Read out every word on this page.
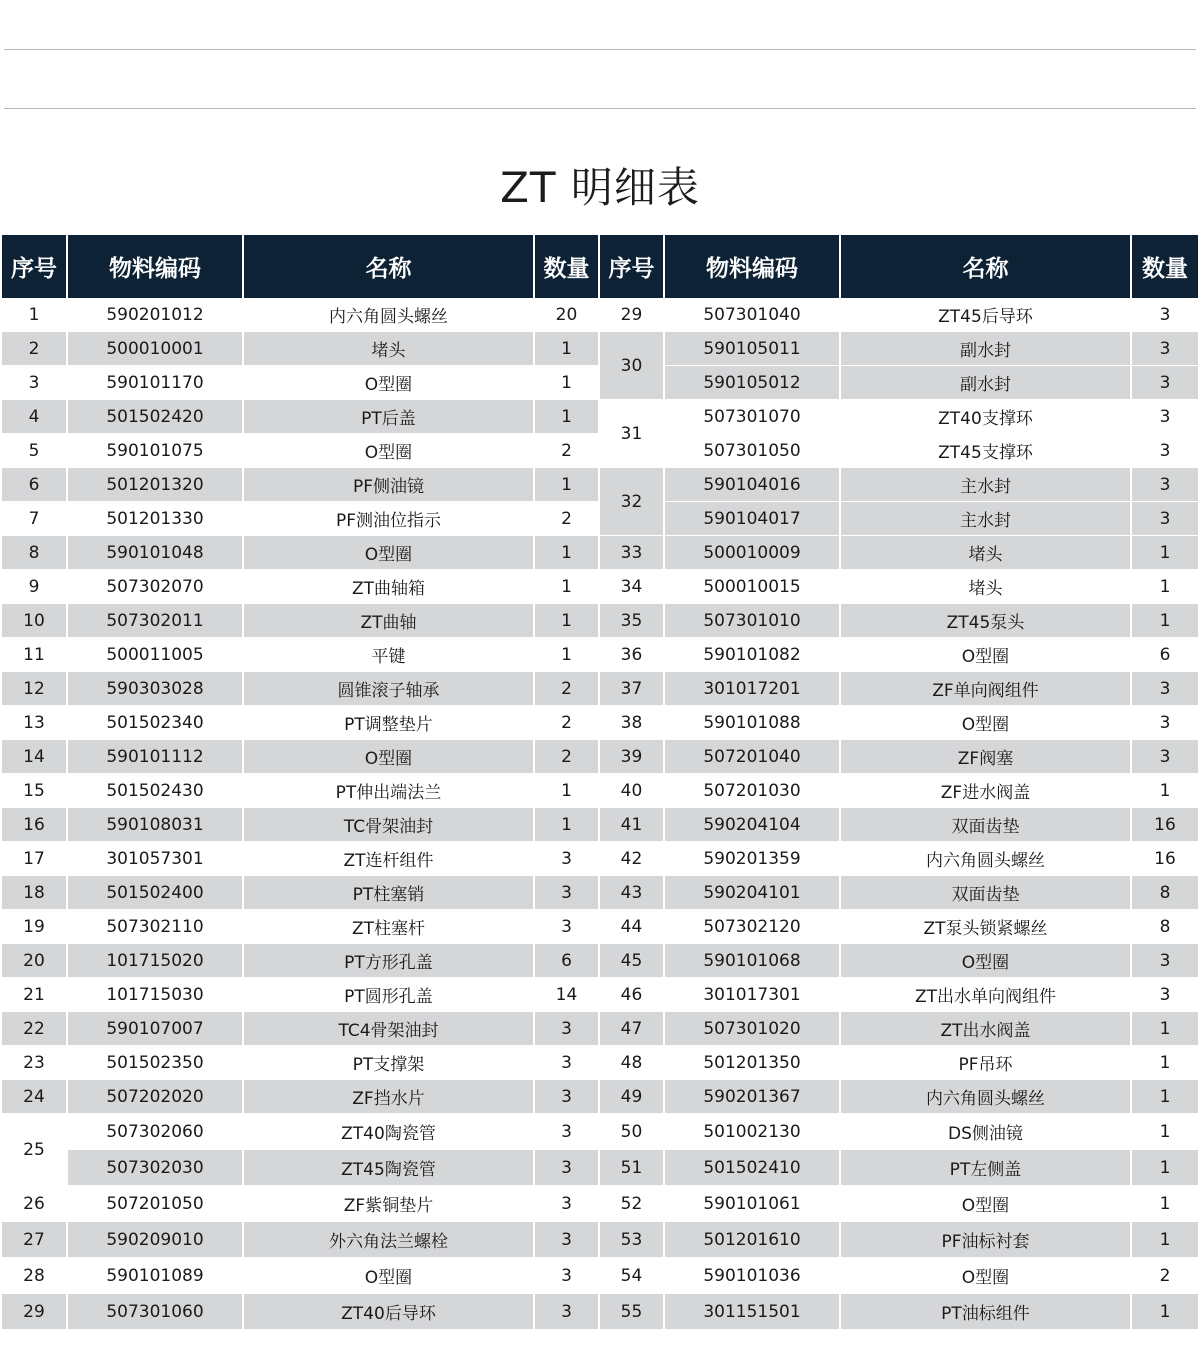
ZT 明细表
序号	物料编码	名称	数量	序号	物料编码	名称	数量
1	590201012	内六角圆头螺丝	20	29	507301040	ZT45后导环	3
2	500010001	堵头	1	30	590105011	副水封	3
3	590101170	O型圈	1		590105012	副水封	3
4	501502420	PT后盖	1	31	507301070	ZT40支撑环	3
5	590101075	O型圈	2		507301050	ZT45支撑环	3
6	501201320	PF侧油镜	1	32	590104016	主水封	3
7	501201330	PF测油位指示	2		590104017	主水封	3
8	590101048	O型圈	1	33	500010009	堵头	1
9	507302070	ZT曲轴箱	1	34	500010015	堵头	1
10	507302011	ZT曲轴	1	35	507301010	ZT45泵头	1
11	500011005	平键	1	36	590101082	O型圈	6
12	590303028	圆锥滚子轴承	2	37	301017201	ZF单向阀组件	3
13	501502340	PT调整垫片	2	38	590101088	O型圈	3
14	590101112	O型圈	2	39	507201040	ZF阀塞	3
15	501502430	PT伸出端法兰	1	40	507201030	ZF进水阀盖	1
16	590108031	TC骨架油封	1	41	590204104	双面齿垫	16
17	301057301	ZT连杆组件	3	42	590201359	内六角圆头螺丝	16
18	501502400	PT柱塞销	3	43	590204101	双面齿垫	8
19	507302110	ZT柱塞杆	3	44	507302120	ZT泵头锁紧螺丝	8
20	101715020	PT方形孔盖	6	45	590101068	O型圈	3
21	101715030	PT圆形孔盖	14	46	301017301	ZT出水单向阀组件	3
22	590107007	TC4骨架油封	3	47	507301020	ZT出水阀盖	1
23	501502350	PT支撑架	3	48	501201350	PF吊环	1
24	507202020	ZF挡水片	3	49	590201367	内六角圆头螺丝	1
25	507302060	ZT40陶瓷管	3	50	501002130	DS侧油镜	1
	507302030	ZT45陶瓷管	3	51	501502410	PT左侧盖	1
26	507201050	ZF紫铜垫片	3	52	590101061	O型圈	1
27	590209010	外六角法兰螺栓	3	53	501201610	PF油标衬套	1
28	590101089	O型圈	3	54	590101036	O型圈	2
29	507301060	ZT40后导环	3	55	301151501	PT油标组件	1
